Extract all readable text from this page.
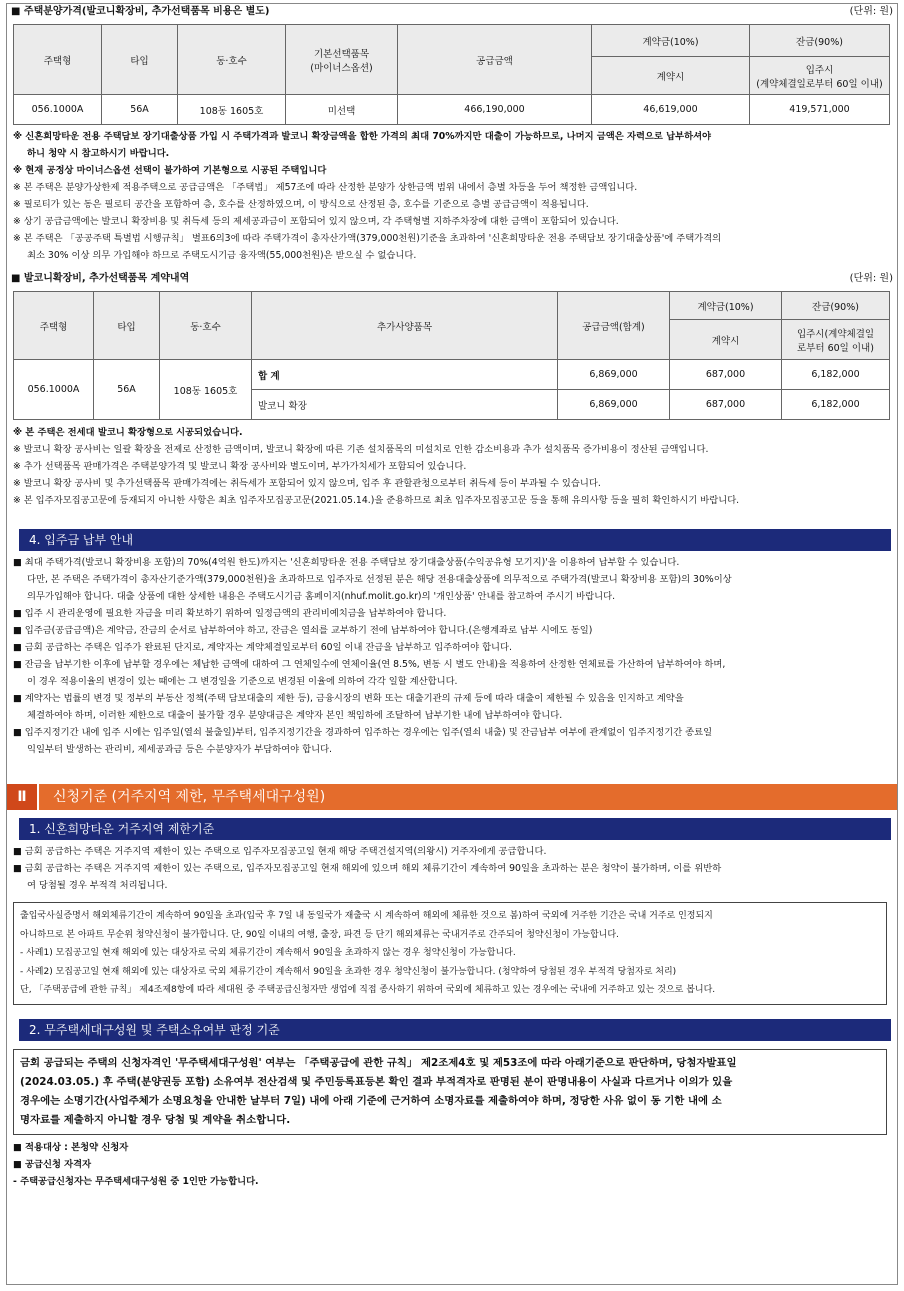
■ 주택분양가격(발코니확장비, 추가선택품목 비용은 별도)	(단위: 원)
주택형	타입	동·호수	기본선택품목
(마이너스옵션)	공급금액	계약금(10%)	잔금(90%)
					계약시	입주시
(계약체결일로부터 60일 이내)
056.1000A	56A	108동 1605호	미선택	466,190,000	46,619,000	419,571,000
※ 신혼희망타운 전용 주택담보 장기대출상품 가입 시 주택가격과 발코니 확장금액을 합한 가격의 최대 70%까지만 대출이 가능하므로, 나머지 금액은 자력으로 납부하셔야
하니 청약 시 참고하시기 바랍니다.
※ 현재 공정상 마이너스옵션 선택이 불가하여 기본형으로 시공된 주택입니다
※ 본 주택은 분양가상한제 적용주택으로 공급금액은 「주택법」 제57조에 따라 산정한 분양가 상한금액 범위 내에서 층별 차등을 두어 책정한 금액입니다.
※ 필로티가 있는 동은 필로티 공간을 포함하여 층, 호수를 산정하였으며, 이 방식으로 산정된 층, 호수를 기준으로 층별 공급금액이 적용됩니다.
※ 상기 공급금액에는 발코니 확장비용 및 취득세 등의 제세공과금이 포함되어 있지 않으며, 각 주택형별 지하주차장에 대한 금액이 포함되어 있습니다.
※ 본 주택은 「공공주택 특별법 시행규칙」 별표6의3에 따라 주택가격이 총자산가액(379,000천원)기준을 초과하여 '신혼희망타운 전용 주택담보 장기대출상품'에 주택가격의
최소 30% 이상 의무 가입해야 하므로 주택도시기금 융자액(55,000천원)은 받으실 수 없습니다.
■ 발코니확장비, 추가선택품목 계약내역	(단위: 원)
주택형	타입	동·호수	추가사양품목	공급금액(합계)	계약금(10%)	잔금(90%)
					계약시	입주시(계약체결일
로부터 60일 이내)
056.1000A	56A	108동 1605호	합 계	6,869,000	687,000	6,182,000
			발코니 확장	6,869,000	687,000	6,182,000
※ 본 주택은 전세대 발코니 확장형으로 시공되었습니다.
※ 발코니 확장 공사비는 일괄 확장을 전제로 산정한 금액이며, 발코니 확장에 따른 기존 설치품목의 미설치로 인한 감소비용과 추가 설치품목 증가비용이 정산된 금액입니다.
※ 추가 선택품목 판매가격은 주택분양가격 및 발코니 확장 공사비와 별도이며, 부가가치세가 포함되어 있습니다.
※ 발코니 확장 공사비 및 추가선택품목 판매가격에는 취득세가 포함되어 있지 않으며, 입주 후 관할관청으로부터 취득세 등이 부과될 수 있습니다.
※ 본 입주자모집공고문에 등재되지 아니한 사항은 최초 입주자모집공고문(2021.05.14.)을 준용하므로 최초 입주자모집공고문 등을 통해 유의사항 등을 필히 확인하시기 바랍니다.
4. 입주금 납부 안내
■ 최대 주택가격(발코니 확장비용 포함)의 70%(4억원 한도)까지는 '신혼희망타운 전용 주택담보 장기대출상품(수익공유형 모기지)'을 이용하여 납부할 수 있습니다.
다만, 본 주택은 주택가격이 총자산기준가액(379,000천원)을 초과하므로 입주자로 선정된 분은 해당 전용대출상품에 의무적으로 주택가격(발코니 확장비용 포함)의 30%이상
의무가입해야 합니다. 대출 상품에 대한 상세한 내용은 주택도시기금 홈페이지(nhuf.molit.go.kr)의 '개인상품' 안내를 참고하여 주시기 바랍니다.
■ 입주 시 관리운영에 필요한 자금을 미리 확보하기 위하여 일정금액의 관리비예치금을 납부하여야 합니다.
■ 입주금(공급금액)은 계약금, 잔금의 순서로 납부하여야 하고, 잔금은 열쇠를 교부하기 전에 납부하여야 합니다.(은행계좌로 납부 시에도 동일)
■ 금회 공급하는 주택은 입주가 완료된 단지로, 계약자는 계약체결일로부터 60일 이내 잔금을 납부하고 입주하여야 합니다.
■ 잔금을 납부기한 이후에 납부할 경우에는 체납한 금액에 대하여 그 연체일수에 연체이율(연 8.5%, 변동 시 별도 안내)을 적용하여 산정한 연체료를 가산하여 납부하여야 하며,
이 경우 적용이율의 변경이 있는 때에는 그 변경일을 기준으로 변경된 이율에 의하여 각각 일할 계산합니다.
■ 계약자는 법률의 변경 및 정부의 부동산 정책(주택 담보대출의 제한 등), 금융시장의 변화 또는 대출기관의 규제 등에 따라 대출이 제한될 수 있음을 인지하고 계약을
체결하여야 하며, 이러한 제한으로 대출이 불가할 경우 분양대금은 계약자 본인 책임하에 조달하여 납부기한 내에 납부하여야 합니다.
■ 입주지정기간 내에 입주 시에는 입주일(열쇠 불출일)부터, 입주지정기간을 경과하여 입주하는 경우에는 입주(열쇠 내출) 및 잔금납부 여부에 관계없이 입주지정기간 종료일
익일부터 발생하는 관리비, 제세공과금 등은 수분양자가 부담하여야 합니다.
Ⅱ	신청기준 (거주지역 제한, 무주택세대구성원)
1. 신혼희망타운 거주지역 제한기준
■ 금회 공급하는 주택은 거주지역 제한이 있는 주택으로 입주자모집공고일 현재 해당 주택건설지역(의왕시) 거주자에게 공급합니다.
■ 금회 공급하는 주택은 거주지역 제한이 있는 주택으로, 입주자모집공고일 현재 해외에 있으며 해외 체류기간이 계속하여 90일을 초과하는 분은 청약이 불가하며, 이를 위반하
여 당첨될 경우 부적격 처리됩니다.
출입국사실증명서 해외체류기간이 계속하여 90일을 초과(입국 후 7일 내 동일국가 재출국 시 계속하여 해외에 체류한 것으로 봄)하여 국외에 거주한 기간은 국내 거주로 인정되지
아니하므로 본 아파트 무순위 청약신청이 불가합니다. 단, 90일 이내의 여행, 출장, 파견 등 단기 해외체류는 국내거주로 간주되어 청약신청이 가능합니다.
- 사례1) 모집공고일 현재 해외에 있는 대상자로 국외 체류기간이 계속해서 90일을 초과하지 않는 경우 청약신청이 가능합니다.
- 사례2) 모집공고일 현재 해외에 있는 대상자로 국외 체류기간이 계속해서 90일을 초과한 경우 청약신청이 불가능합니다. (청약하여 당첨된 경우 부적격 당첨자로 처리)
단, 「주택공급에 관한 규칙」 제4조제8항에 따라 세대원 중 주택공급신청자만 생업에 직접 종사하기 위하여 국외에 체류하고 있는 경우에는 국내에 거주하고 있는 것으로 봅니다.
2. 무주택세대구성원 및 주택소유여부 판정 기준
금회 공급되는 주택의 신청자격인 '무주택세대구성원' 여부는 「주택공급에 관한 규칙」 제2조제4호 및 제53조에 따라 아래기준으로 판단하며, 당첨자발표일
(2024.03.05.) 후 주택(분양권등 포함) 소유여부 전산검색 및 주민등록표등본 확인 결과 부적격자로 판명된 분이 판명내용이 사실과 다르거나 이의가 있을
경우에는 소명기간(사업주체가 소명요청을 안내한 날부터 7일) 내에 아래 기준에 근거하여 소명자료를 제출하여야 하며, 정당한 사유 없이 동 기한 내에 소
명자료를 제출하지 아니할 경우 당첨 및 계약을 취소합니다.
■ 적용대상 : 본청약 신청자
■ 공급신청 자격자
- 주택공급신청자는 무주택세대구성원 중 1인만 가능합니다.
